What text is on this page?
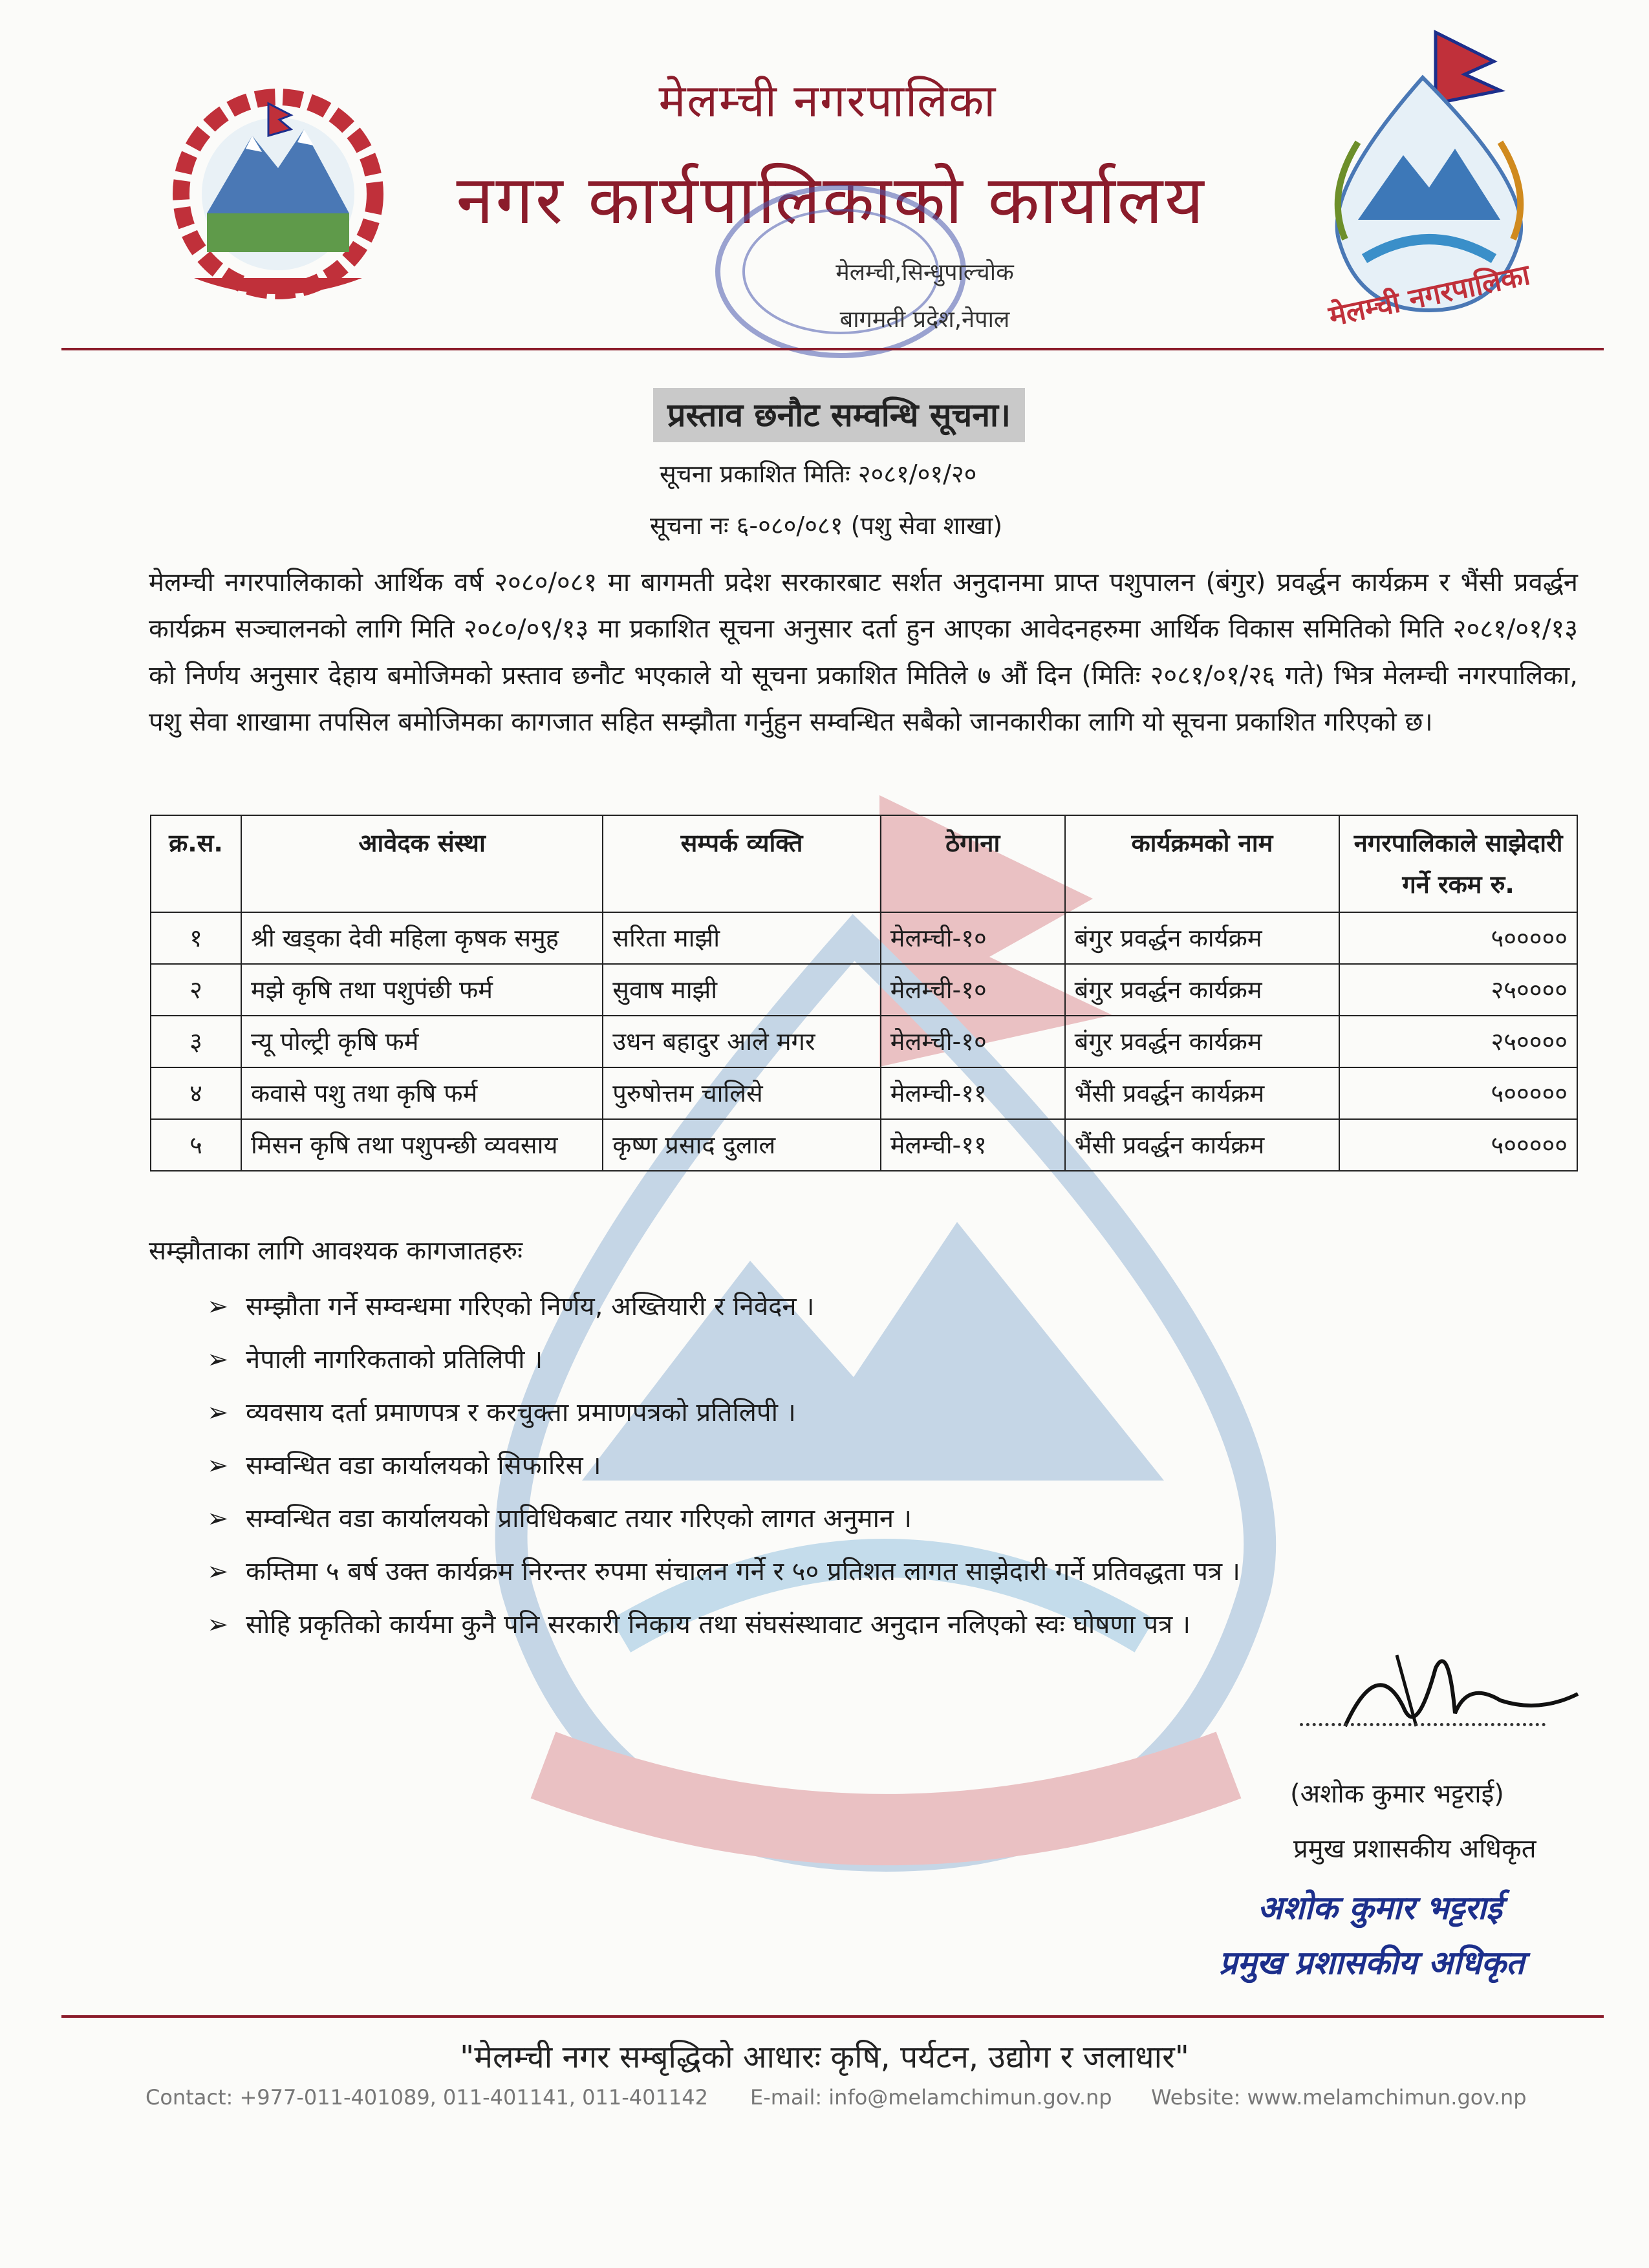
मेलम्ची नगरपालिका
नगर कार्यपालिकाको कार्यालय
मेलम्ची,सिन्धुपाल्चोक
बागमती प्रदेश,नेपाल	मेलम्ची नगरपालिका
प्रस्ताव छनौट सम्वन्धि सूचना।
सूचना प्रकाशित मितिः २०८१/०१/२०
सूचना नः ६-०८०/०८१ (पशु सेवा शाखा)
मेलम्ची नगरपालिकाको आर्थिक वर्ष २०८०/०८१ मा बागमती प्रदेश सरकारबाट सर्शत अनुदानमा प्राप्त पशुपालन (बंगुर) प्रवर्द्धन कार्यक्रम र भैंसी प्रवर्द्धन कार्यक्रम सञ्चालनको लागि मिति २०८०/०९/१३ मा प्रकाशित सूचना अनुसार दर्ता हुन आएका आवेदनहरुमा आर्थिक विकास समितिको मिति २०८१/०१/१३ को निर्णय अनुसार देहाय बमोजिमको प्रस्ताव छनौट भएकाले यो सूचना प्रकाशित मितिले ७ औं दिन (मितिः २०८१/०१/२६ गते) भित्र मेलम्ची नगरपालिका, पशु सेवा शाखामा तपसिल बमोजिमका कागजात सहित सम्झौता गर्नुहुन सम्वन्धित सबैको जानकारीका लागि यो सूचना प्रकाशित गरिएको छ।
क्र.स.	आवेदक संस्था	सम्पर्क व्यक्ति	ठेगाना	कार्यक्रमको नाम	नगरपालिकाले साझेदारी गर्ने रकम रु.
१	श्री खड्का देवी महिला कृषक समुह	सरिता माझी	मेलम्ची-१०	बंगुर प्रवर्द्धन कार्यक्रम	५०००००
२	मझे कृषि तथा पशुपंछी फर्म	सुवाष माझी	मेलम्ची-१०	बंगुर प्रवर्द्धन कार्यक्रम	२५००००
३	न्यू पोल्ट्री कृषि फर्म	उधन बहादुर आले मगर	मेलम्ची-१०	बंगुर प्रवर्द्धन कार्यक्रम	२५००००
४	कवासे पशु तथा कृषि फर्म	पुरुषोत्तम चालिसे	मेलम्ची-११	भैंसी प्रवर्द्धन कार्यक्रम	५०००००
५	मिसन कृषि तथा पशुपन्छी व्यवसाय	कृष्ण प्रसाद दुलाल	मेलम्ची-११	भैंसी प्रवर्द्धन कार्यक्रम	५०००००
सम्झौताका लागि आवश्यक कागजातहरुः
➢ सम्झौता गर्ने सम्वन्धमा गरिएको निर्णय, अख्तियारी र निवेदन ।
➢ नेपाली नागरिकताको प्रतिलिपी ।
➢ व्यवसाय दर्ता प्रमाणपत्र र करचुक्ता प्रमाणपत्रको प्रतिलिपी ।
➢ सम्वन्धित वडा कार्यालयको सिफारिस ।
➢ सम्वन्धित वडा कार्यालयको प्राविधिकबाट तयार गरिएको लागत अनुमान ।
➢ कम्तिमा ५ बर्ष उक्त कार्यक्रम निरन्तर रुपमा संचालन गर्ने र ५० प्रतिशत लागत साझेदारी गर्ने प्रतिवद्धता पत्र ।
➢ सोहि प्रकृतिको कार्यमा कुनै पनि सरकारी निकाय तथा संघसंस्थावाट अनुदान नलिएको स्वः घोषणा पत्र ।
(अशोक कुमार भट्टराई)
प्रमुख प्रशासकीय अधिकृत
अशोक कुमार भट्टराई
प्रमुख प्रशासकीय अधिकृत
"मेलम्ची नगर सम्बृद्धिको आधारः कृषि, पर्यटन, उद्योग र जलाधार"
Contact: +977-011-401089, 011-401141, 011-401142 E-mail: info@melamchimun.gov.np Website: www.melamchimun.gov.np
